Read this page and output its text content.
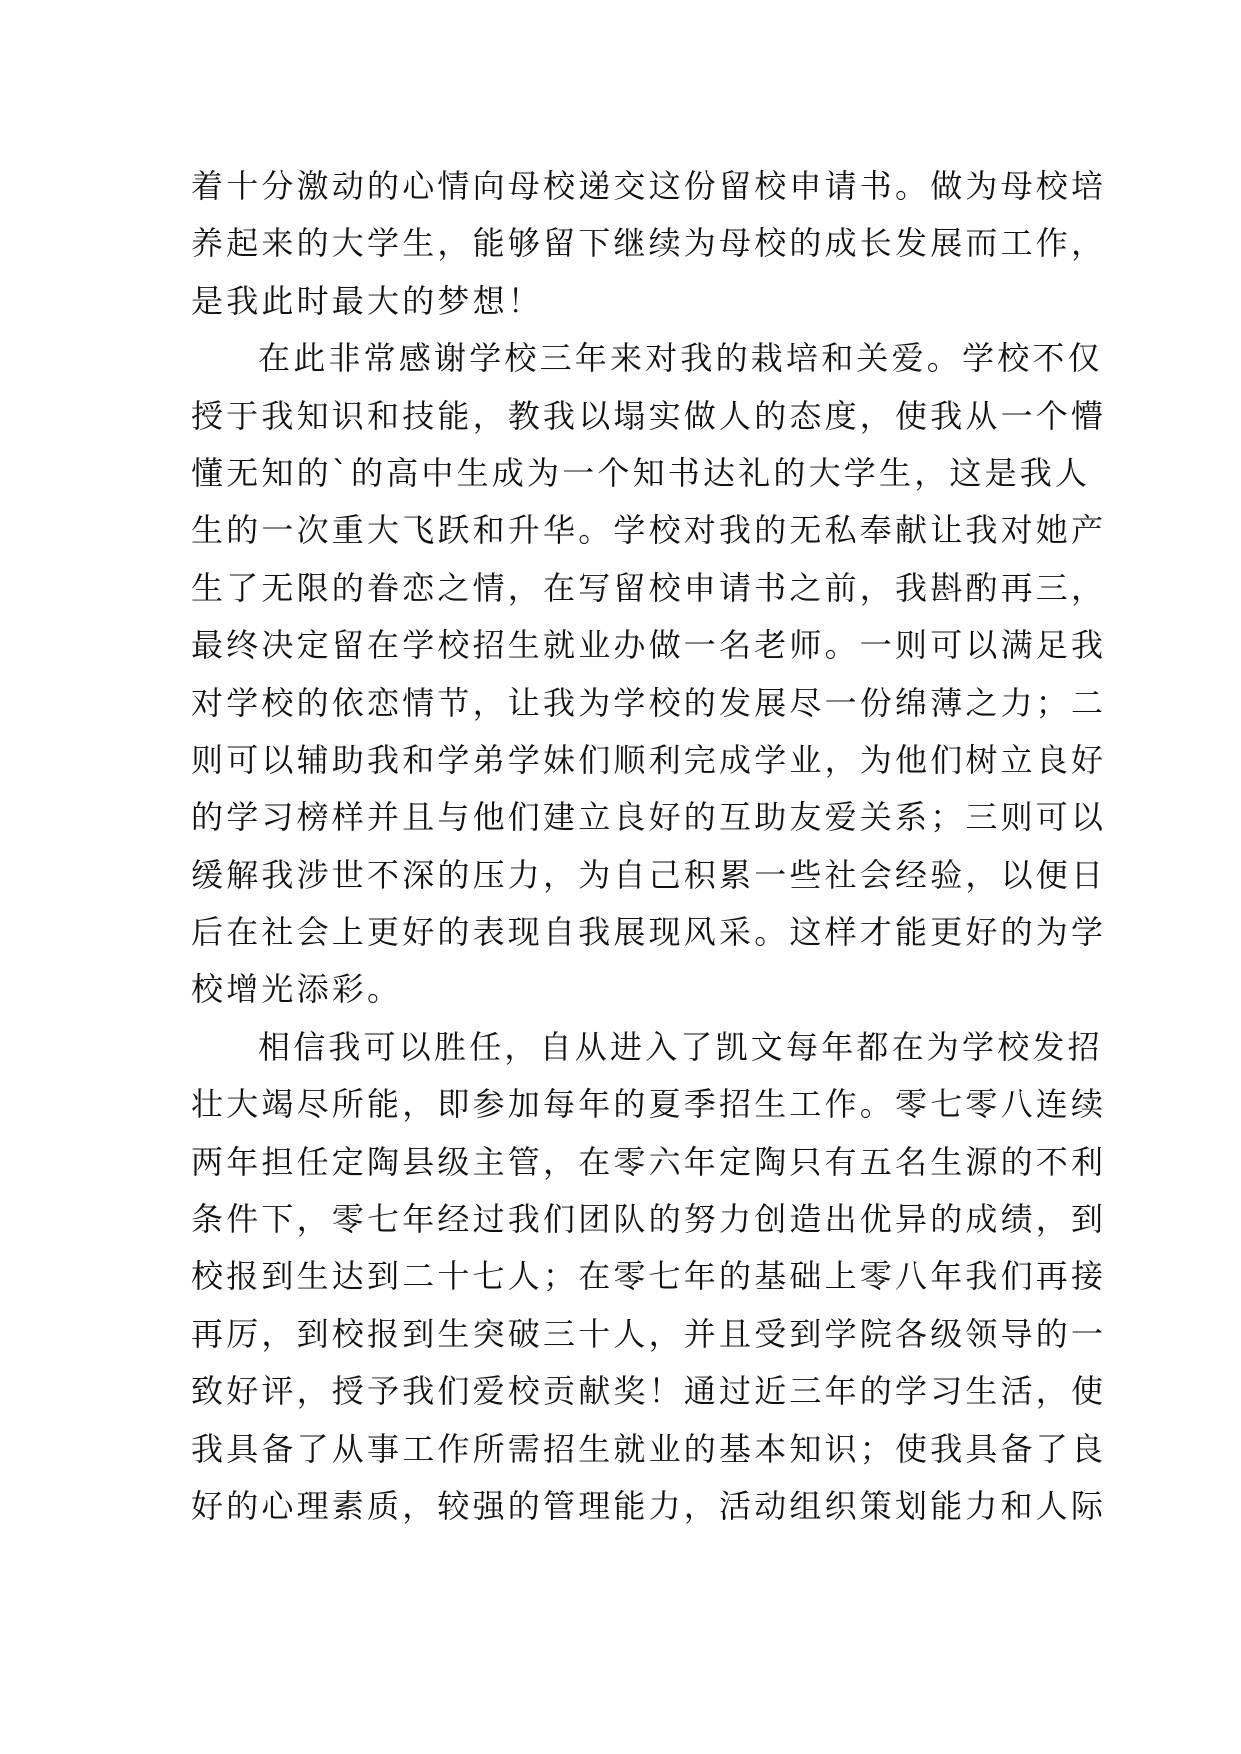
着十分激动的心情向母校递交这份留校申请书。做为母校培
养起来的大学生，能够留下继续为母校的成长发展而工作，
是我此时最大的梦想！
在此非常感谢学校三年来对我的栽培和关爱。学校不仅
授于我知识和技能，教我以塌实做人的态度，使我从一个懵
懂无知的`的高中生成为一个知书达礼的大学生，这是我人
生的一次重大飞跃和升华。学校对我的无私奉献让我对她产
生了无限的眷恋之情，在写留校申请书之前，我斟酌再三，
最终决定留在学校招生就业办做一名老师。一则可以满足我
对学校的依恋情节，让我为学校的发展尽一份绵薄之力；二
则可以辅助我和学弟学妹们顺利完成学业，为他们树立良好
的学习榜样并且与他们建立良好的互助友爱关系；三则可以
缓解我涉世不深的压力，为自己积累一些社会经验，以便日
后在社会上更好的表现自我展现风采。这样才能更好的为学
校增光添彩。
相信我可以胜任，自从进入了凯文每年都在为学校发招
壮大竭尽所能，即参加每年的夏季招生工作。零七零八连续
两年担任定陶县级主管，在零六年定陶只有五名生源的不利
条件下，零七年经过我们团队的努力创造出优异的成绩，到
校报到生达到二十七人；在零七年的基础上零八年我们再接
再厉，到校报到生突破三十人，并且受到学院各级领导的一
致好评，授予我们爱校贡献奖！通过近三年的学习生活，使
我具备了从事工作所需招生就业的基本知识；使我具备了良
好的心理素质，较强的管理能力，活动组织策划能力和人际
